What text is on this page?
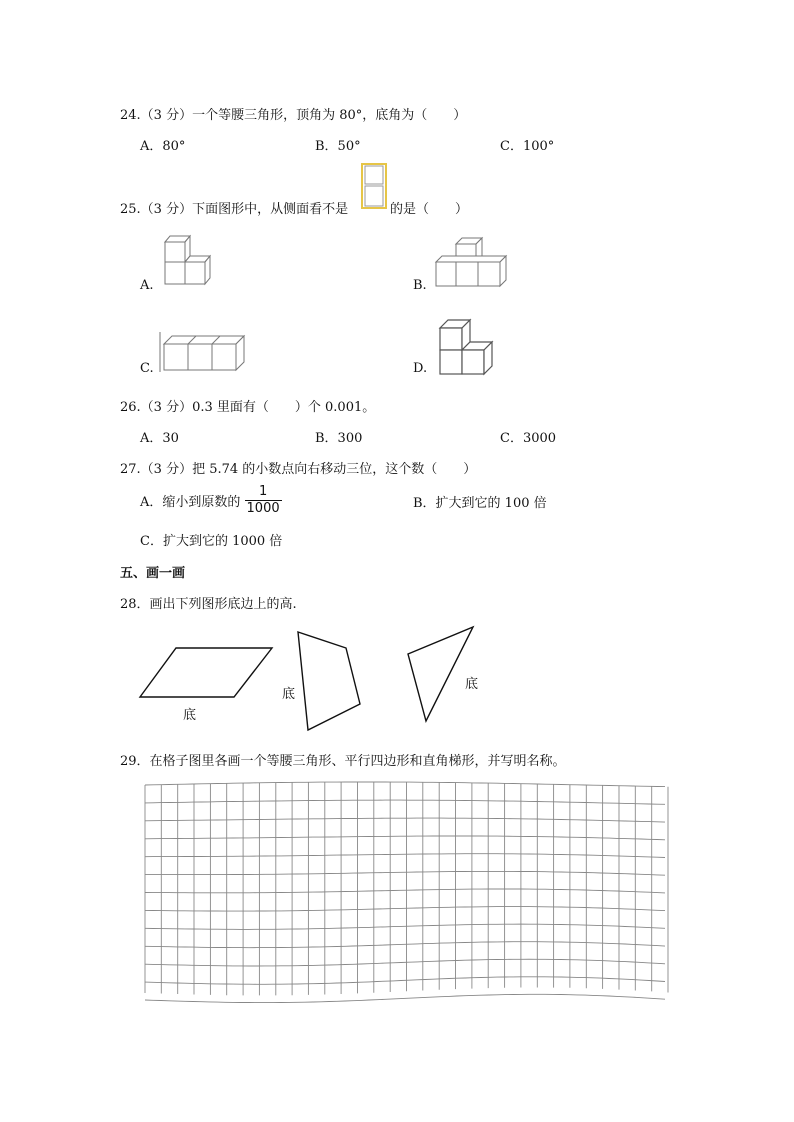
24.（3 分）一个等腰三角形，顶角为 80°，底角为（　　）
A．80°	B．50°	C．100°
25.（3 分）下面图形中，从侧面看不是	的是（　　）
A.	B.
C.	D.
26.（3 分）0.3 里面有（　　）个 0.001。
A．30	B．300	C．3000
27.（3 分）把 5.74 的小数点向右移动三位，这个数（　　）
A．缩小到原数的 $\frac{1}{1000}$	B．扩大到它的 100 倍
C．扩大到它的 1000 倍
五、画一画
28．画出下列图形底边上的高.
底
底
底
29．在格子图里各画一个等腰三角形、平行四边形和直角梯形，并写明名称。
